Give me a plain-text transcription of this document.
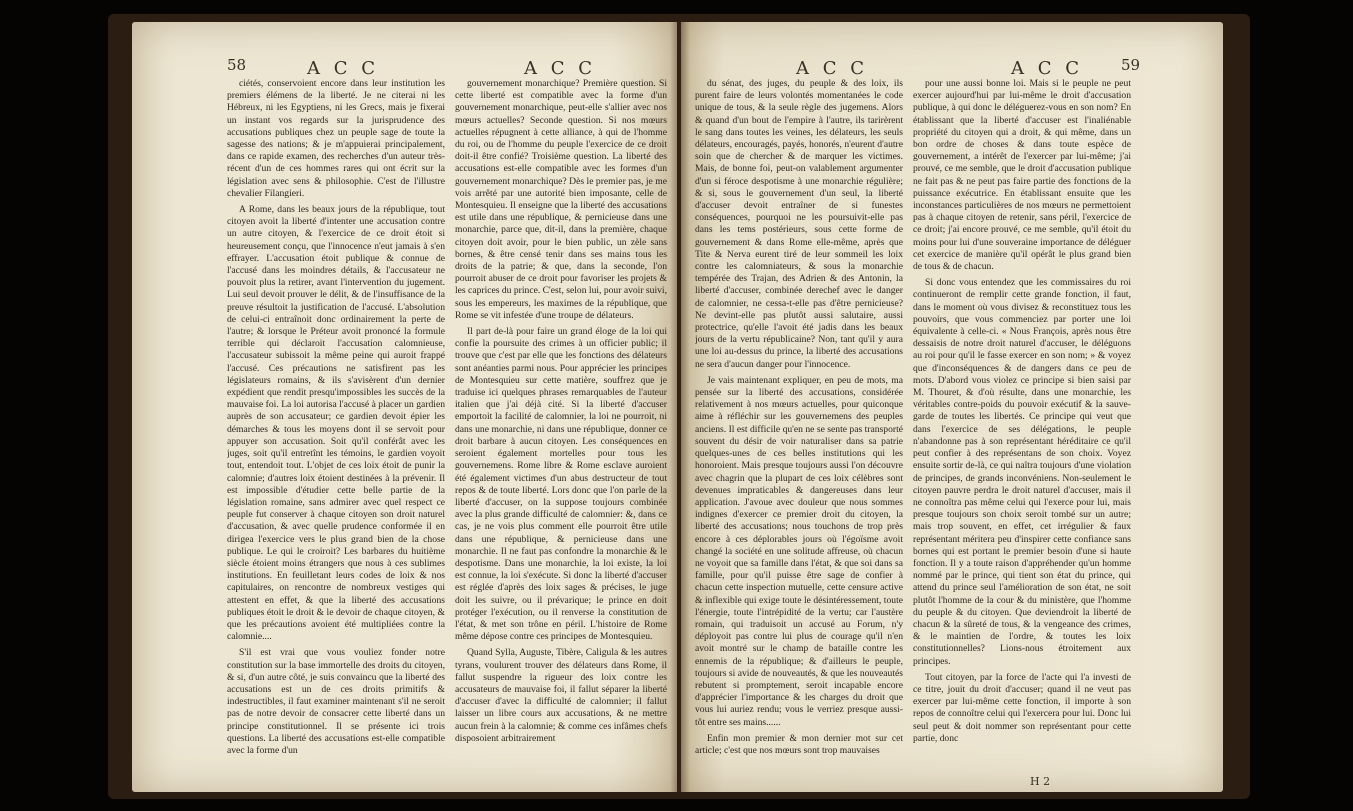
58	A C C	A C C

ciétés, conservoient encore dans leur institution les premiers élémens de la liberté. Je ne citerai ni les Hébreux, ni les Egyptiens, ni les Grecs, mais je fixerai un instant vos regards sur la jurisprudence des accusations publiques chez un peuple sage de toute la sagesse des nations; & je m'appuierai principalement, dans ce rapide examen, des recherches d'un auteur très-récent d'un de ces hommes rares qui ont écrit sur la législation avec sens & philosophie. C'est de l'illustre chevalier Filangieri.

A Rome, dans les beaux jours de la république, tout citoyen avoit la liberté d'intenter une accusation contre un autre citoyen, & l'exercice de ce droit étoit si heureusement conçu, que l'innocence n'eut jamais à s'en effrayer. L'accusation étoit publique & connue de l'accusé dans les moindres détails, & l'accusateur ne pouvoit plus la retirer, avant l'intervention du jugement. Lui seul devoit prouver le délit, & de l'insuffisance de la preuve résultoit la justification de l'accusé. L'absolution de celui-ci entraînoit donc ordinairement la perte de l'autre; & lorsque le Préteur avoit prononcé la formule terrible qui déclaroit l'accusation calomnieuse, l'accusateur subissoit la même peine qui auroit frappé l'accusé. Ces précautions ne satisfirent pas les législateurs romains, & ils s'avisèrent d'un dernier expédient que rendit presqu'impossibles les succès de la mauvaise foi. La loi autorisa l'accusé à placer un gardien auprès de son accusateur; ce gardien devoit épier les démarches & tous les moyens dont il se servoit pour appuyer son accusation. Soit qu'il conférât avec les juges, soit qu'il entretînt les témoins, le gardien voyoit tout, entendoit tout. L'objet de ces loix étoit de punir la calomnie; d'autres loix étoient destinées à la prévenir. Il est impossible d'étudier cette belle partie de la législation romaine, sans admirer avec quel respect ce peuple fut conserver à chaque citoyen son droit naturel d'accusation, & avec quelle prudence conformée il en dirigea l'exercice vers le plus grand bien de la chose publique. Le qui le croiroit? Les barbares du huitième siècle étoient moins étrangers que nous à ces sublimes institutions. En feuilletant leurs codes de loix & nos capitulaires, on rencontre de nombreux vestiges qui attestent en effet, & que la liberté des accusations publiques étoit le droit & le devoir de chaque citoyen, & que les précautions avoient été multipliées contre la calomnie....

S'il est vrai que vous vouliez fonder notre constitution sur la base immortelle des droits du citoyen, & si, d'un autre côté, je suis convaincu que la liberté des accusations est un de ces droits primitifs & indestructibles, il faut examiner maintenant s'il ne seroit pas de notre devoir de consacrer cette liberté dans un principe constitutionnel. Il se présente ici trois questions. La liberté des accusations est-elle compatible avec la forme d'un

gouvernement monarchique? Première question. Si cette liberté est compatible avec la forme d'un gouvernement monarchique, peut-elle s'allier avec nos mœurs actuelles? Seconde question. Si nos mœurs actuelles répugnent à cette alliance, à qui de l'homme du roi, ou de l'homme du peuple l'exercice de ce droit doit-il être confié? Troisième question. La liberté des accusations est-elle compatible avec les formes d'un gouvernement monarchique? Dès le premier pas, je me vois arrêté par une autorité bien imposante, celle de Montesquieu. Il enseigne que la liberté des accusations est utile dans une république, & pernicieuse dans une monarchie, parce que, dit-il, dans la première, chaque citoyen doit avoir, pour le bien public, un zèle sans bornes, & être censé tenir dans ses mains tous les droits de la patrie; & que, dans la seconde, l'on pourroit abuser de ce droit pour favoriser les projets & les caprices du prince. C'est, selon lui, pour avoir suivi, sous les empereurs, les maximes de la république, que Rome se vit infestée d'une troupe de délateurs.

Il part de-là pour faire un grand éloge de la loi qui confie la poursuite des crimes à un officier public; il trouve que c'est par elle que les fonctions des délateurs sont anéanties parmi nous. Pour apprécier les principes de Montesquieu sur cette matière, souffrez que je traduise ici quelques phrases remarquables de l'auteur italien que j'ai déjà cité. Si la liberté d'accuser emportoit la facilité de calomnier, la loi ne pourroit, ni dans une monarchie, ni dans une république, donner ce droit barbare à aucun citoyen. Les conséquences en seroient également mortelles pour tous les gouvernemens. Rome libre & Rome esclave auroient été également victimes d'un abus destructeur de tout repos & de toute liberté. Lors donc que l'on parle de la liberté d'accuser, on la suppose toujours combinée avec la plus grande difficulté de calomnier: &, dans ce cas, je ne vois plus comment elle pourroit être utile dans une république, & pernicieuse dans une monarchie. Il ne faut pas confondre la monarchie & le despotisme. Dans une monarchie, la loi existe, la loi est connue, la loi s'exécute. Si donc la liberté d'accuser est réglée d'après des loix sages & précises, le juge doit les suivre, ou il prévarique; le prince en doit protéger l'exécution, ou il renverse la constitution de l'état, & met son trône en péril. L'histoire de Rome même dépose contre ces principes de Montesquieu.

Quand Sylla, Auguste, Tibère, Caligula & les autres tyrans, voulurent trouver des délateurs dans Rome, il fallut suspendre la rigueur des loix contre les accusateurs de mauvaise foi, il fallut séparer la liberté d'accuser d'avec la difficulté de calomnier; il fallut laisser un libre cours aux accusations, & ne mettre aucun frein à la calomnie; & comme ces infâmes chefs disposoient arbitrairement

A C C	A C C	59

du sénat, des juges, du peuple & des loix, ils purent faire de leurs volontés momentanées le code unique de tous, & la seule règle des jugemens. Alors & quand d'un bout de l'empire à l'autre, ils tarirèrent le sang dans toutes les veines, les délateurs, les seuls délateurs, encouragés, payés, honorés, n'eurent d'autre soin que de chercher & de marquer les victimes. Mais, de bonne foi, peut-on valablement argumenter d'un si féroce despotisme à une monarchie régulière; & si, sous le gouvernement d'un seul, la liberté d'accuser devoit entraîner de si funestes conséquences, pourquoi ne les poursuivit-elle pas dans les tems postérieurs, sous cette forme de gouvernement & dans Rome elle-même, après que Tite & Nerva eurent tiré de leur sommeil les loix contre les calomniateurs, & sous la monarchie tempérée des Trajan, des Adrien & des Antonin, la liberté d'accuser, combinée derechef avec le danger de calomnier, ne cessa-t-elle pas d'être pernicieuse? Ne devint-elle pas plutôt aussi salutaire, aussi protectrice, qu'elle l'avoit été jadis dans les beaux jours de la vertu républicaine? Non, tant qu'il y aura une loi au-dessus du prince, la liberté des accusations ne sera d'aucun danger pour l'innocence.

Je vais maintenant expliquer, en peu de mots, ma pensée sur la liberté des accusations, considérée relativement à nos mœurs actuelles, pour quiconque aime à réfléchir sur les gouvernemens des peuples anciens. Il est difficile qu'en ne se sente pas transporté souvent du désir de voir naturaliser dans sa patrie quelques-unes de ces belles institutions qui les honoroient. Mais presque toujours aussi l'on découvre avec chagrin que la plupart de ces loix célèbres sont devenues impraticables & dangereuses dans leur application. J'avoue avec douleur que nous sommes indignes d'exercer ce premier droit du citoyen, la liberté des accusations; nous touchons de trop près encore à ces déplorables jours où l'égoïsme avoit changé la société en une solitude affreuse, où chacun ne voyoit que sa famille dans l'état, & que soi dans sa famille, pour qu'il puisse être sage de confier à chacun cette inspection mutuelle, cette censure active & inflexible qui exige toute le désintéressement, toute l'énergie, toute l'intrépidité de la vertu; car l'austère romain, qui traduisoit un accusé au Forum, n'y déployoit pas contre lui plus de courage qu'il n'en avoit montré sur le champ de bataille contre les ennemis de la république; & d'ailleurs le peuple, toujours si avide de nouveautés, & que les nouveautés rebutent si promptement, seroit incapable encore d'apprécier l'importance & les charges du droit que vous lui auriez rendu; vous le verriez presque aussi-tôt entre ses mains......

Enfin mon premier & mon dernier mot sur cet article; c'est que nos mœurs sont trop mauvaises

pour une aussi bonne loi. Mais si le peuple ne peut exercer aujourd'hui par lui-même le droit d'accusation publique, à qui donc le déléguerez-vous en son nom? En établissant que la liberté d'accuser est l'inaliénable propriété du citoyen qui a droit, & qui même, dans un bon ordre de choses & dans toute espèce de gouvernement, a intérêt de l'exercer par lui-même; j'ai prouvé, ce me semble, que le droit d'accusation publique ne fait pas & ne peut pas faire partie des fonctions de la puissance exécutrice. En établissant ensuite que les inconstances particulières de nos mœurs ne permettoient pas à chaque citoyen de retenir, sans péril, l'exercice de ce droit; j'ai encore prouvé, ce me semble, qu'il étoit du moins pour lui d'une souveraine importance de déléguer cet exercice de manière qu'il opérât le plus grand bien de tous & de chacun.

Si donc vous entendez que les commissaires du roi continueront de remplir cette grande fonction, il faut, dans le moment où vous divisez & reconstituez tous les pouvoirs, que vous commenciez par porter une loi équivalente à celle-ci. « Nous François, après nous être dessaisis de notre droit naturel d'accuser, le déléguons au roi pour qu'il le fasse exercer en son nom; » & voyez que d'inconséquences & de dangers dans ce peu de mots. D'abord vous violez ce principe si bien saisi par M. Thouret, & d'où résulte, dans une monarchie, les véritables contre-poids du pouvoir exécutif & la sauve-garde de toutes les libertés. Ce principe qui veut que dans l'exercice de ses délégations, le peuple n'abandonne pas à son représentant héréditaire ce qu'il peut confier à des représentans de son choix. Voyez ensuite sortir de-là, ce qui naîtra toujours d'une violation de principes, de grands inconvéniens. Non-seulement le citoyen pauvre perdra le droit naturel d'accuser, mais il ne connoîtra pas même celui qui l'exerce pour lui, mais presque toujours son choix seroit tombé sur un autre; mais trop souvent, en effet, cet irrégulier & faux représentant méritera peu d'inspirer cette confiance sans bornes qui est portant le premier besoin d'une si haute fonction. Il y a toute raison d'appréhender qu'un homme nommé par le prince, qui tient son état du prince, qui attend du prince seul l'amélioration de son état, ne soit plutôt l'homme de la cour & du ministère, que l'homme du peuple & du citoyen. Que deviendroit la liberté de chacun & la sûreté de tous, & la vengeance des crimes, & le maintien de l'ordre, & toutes les loix constitutionnelles? Lions-nous étroitement aux principes.

Tout citoyen, par la force de l'acte qui l'a investi de ce titre, jouit du droit d'accuser; quand il ne veut pas exercer par lui-même cette fonction, il importe à son repos de connoître celui qui l'exercera pour lui. Donc lui seul peut & doit nommer son représentant pour cette partie, donc

H 2
